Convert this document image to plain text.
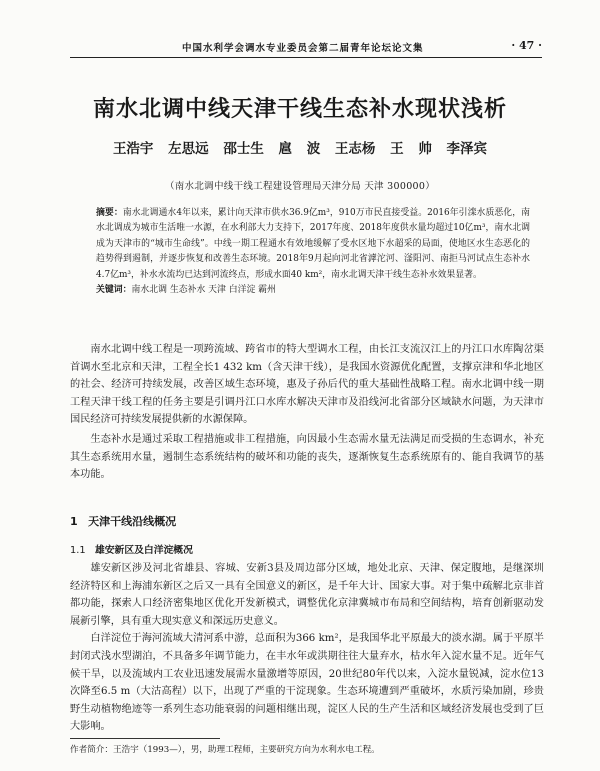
中国水利学会调水专业委员会第二届青年论坛论文集	· 47 ·
南水北调中线天津干线生态补水现状浅析
王浩宇 左思远 邵士生 扈 波 王志杨 王 帅 李泽宾
（南水北调中线干线工程建设管理局天津分局 天津 300000）
摘要：南水北调通水4年以来，累计向天津市供水36.9亿m³，910万市民直接受益。2016年引滦水质恶化，南水北调成为城市生活唯一水源，在水利部大力支持下，2017年度、2018年度供水量均超过10亿m³，南水北调成为天津市的“城市生命线”。中线一期工程通水有效地缓解了受水区地下水超采的局面，使地区水生态恶化的趋势得到遏制，并逐步恢复和改善生态环境。2018年9月起向河北省滹沱河、滏阳河、南拒马河试点生态补水4.7亿m³，补水水流均已达到河流终点，形成水面40 km²，南水北调天津干线生态补水效果显著。
关键词：南水北调 生态补水 天津 白洋淀 霸州

南水北调中线工程是一项跨流域、跨省市的特大型调水工程，由长江支流汉江上的丹江口水库陶岔渠首调水至北京和天津，工程全长1 432 km（含天津干线），是我国水资源优化配置，支撑京津和华北地区的社会、经济可持续发展，改善区域生态环境，惠及子孙后代的重大基础性战略工程。南水北调中线一期工程天津干线工程的任务主要是引调丹江口水库水解决天津市及沿线河北省部分区域缺水问题，为天津市国民经济可持续发展提供新的水源保障。

生态补水是通过采取工程措施或非工程措施，向因最小生态需水量无法满足而受损的生态调水，补充其生态系统用水量，遏制生态系统结构的破坏和功能的丧失，逐渐恢复生态系统原有的、能自我调节的基本功能。

1 天津干线沿线概况
1.1 雄安新区及白洋淀概况

雄安新区涉及河北省雄县、容城、安新3县及周边部分区域，地处北京、天津、保定腹地，是继深圳经济特区和上海浦东新区之后又一具有全国意义的新区，是千年大计、国家大事。对于集中疏解北京非首都功能，探索人口经济密集地区优化开发新模式，调整优化京津冀城市布局和空间结构，培育创新驱动发展新引擎，具有重大现实意义和深远历史意义。

白洋淀位于海河流域大清河系中游，总面积为366 km²，是我国华北平原最大的淡水湖。属于平原半封闭式浅水型湖泊，不具备多年调节能力，在丰水年或洪期往往大量弃水，枯水年入淀水量不足。近年气候干旱，以及流域内工农业迅速发展需水量激增等原因，20世纪80年代以来，入淀水量锐减，淀水位13次降至6.5 m（大沽高程）以下，出现了严重的干淀现象。生态环境遭到严重破坏，水质污染加剧，珍贵野生动植物绝迹等一系列生态功能衰弱的问题相继出现，淀区人民的生产生活和区域经济发展也受到了巨大影响。

作者简介：王浩宇（1993—），男，助理工程师，主要研究方向为水利水电工程。
